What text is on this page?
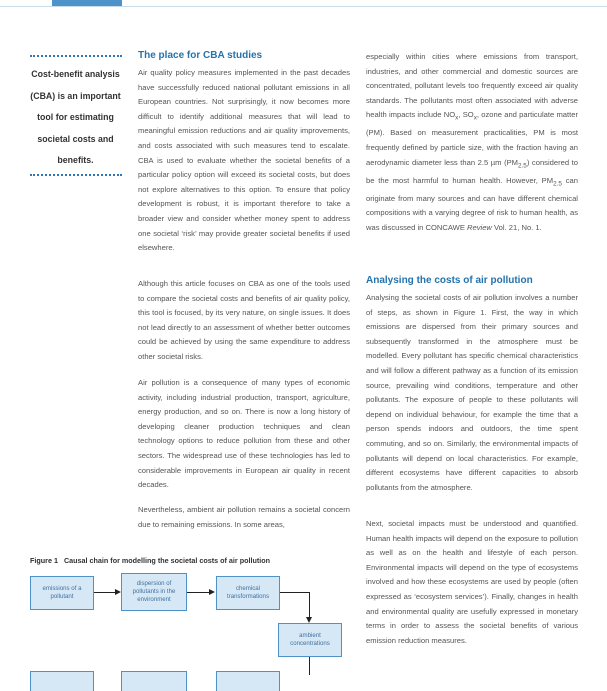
Cost-benefit analysis
(CBA) is an important
tool for estimating
societal costs and
benefits.
The place for CBA studies

Air quality policy measures implemented in the past decades have successfully reduced national pollutant emissions in all European countries. Not surprisingly, it now becomes more difficult to identify additional measures that will lead to meaningful emission reductions and air quality improvements, and costs associated with such measures tend to escalate. CBA is used to evaluate whether the societal benefits of a particular policy option will exceed its societal costs, but does not explore alternatives to this option. To ensure that policy development is robust, it is important therefore to take a broader view and consider whether money spent to address one societal ‘risk’ may provide greater societal benefits if used elsewhere.

Although this article focuses on CBA as one of the tools used to compare the societal costs and benefits of air quality policy, this tool is focused, by its very nature, on single issues. It does not lead directly to an assessment of whether better outcomes could be achieved by using the same expenditure to address other societal risks.

Air pollution is a consequence of many types of economic activity, including industrial production, transport, agriculture, energy production, and so on. There is now a long history of developing cleaner production techniques and clean technology options to reduce pollution from these and other sectors. The widespread use of these technologies has led to considerable improvements in European air quality in recent decades.

Nevertheless, ambient air pollution remains a societal concern due to remaining emissions. In some areas,

especially within cities where emissions from transport, industries, and other commercial and domestic sources are concentrated, pollutant levels too frequently exceed air quality standards. The pollutants most often associated with adverse health impacts include $NO_x$, $SO_x$, ozone and particulate matter (PM). Based on measurement practicalities, PM is most frequently defined by particle size, with the fraction having an aerodynamic diameter less than 2.5 µm $(PM_{2.5})$ considered to be the most harmful to human health. However, $PM_{2.5}$ can originate from many sources and can have different chemical compositions with a varying degree of risk to human health, as was discussed in CONCAWE Review Vol. 21, No. 1.

Analysing the costs of air pollution

Analysing the societal costs of air pollution involves a number of steps, as shown in Figure 1. First, the way in which emissions are dispersed from their primary sources and subsequently transformed in the atmosphere must be modelled. Every pollutant has specific chemical characteristics and will follow a different pathway as a function of its emission source, prevailing wind conditions, temperature and other pollutants. The exposure of people to these pollutants will depend on individual behaviour, for example the time that a person spends indoors and outdoors, the time spent commuting, and so on. Similarly, the environmental impacts of pollutants will depend on local characteristics. For example, different ecosystems have different capacities to absorb pollutants from the atmosphere.

Next, societal impacts must be understood and quantified. Human health impacts will depend on the exposure to pollution as well as on the health and lifestyle of each person. Environmental impacts will depend on the type of ecosystems involved and how these ecosystems are used by people (often expressed as ‘ecosystem services’). Finally, changes in health and environmental quality are usefully expressed in monetary terms in order to assess the societal benefits of various emission reduction measures.

Figure 1 Causal chain for modelling the societal costs of air pollution
emissions of a
pollutant
dispersion of
pollutants in the
environment
chemical
transformations
ambient
concentrations
